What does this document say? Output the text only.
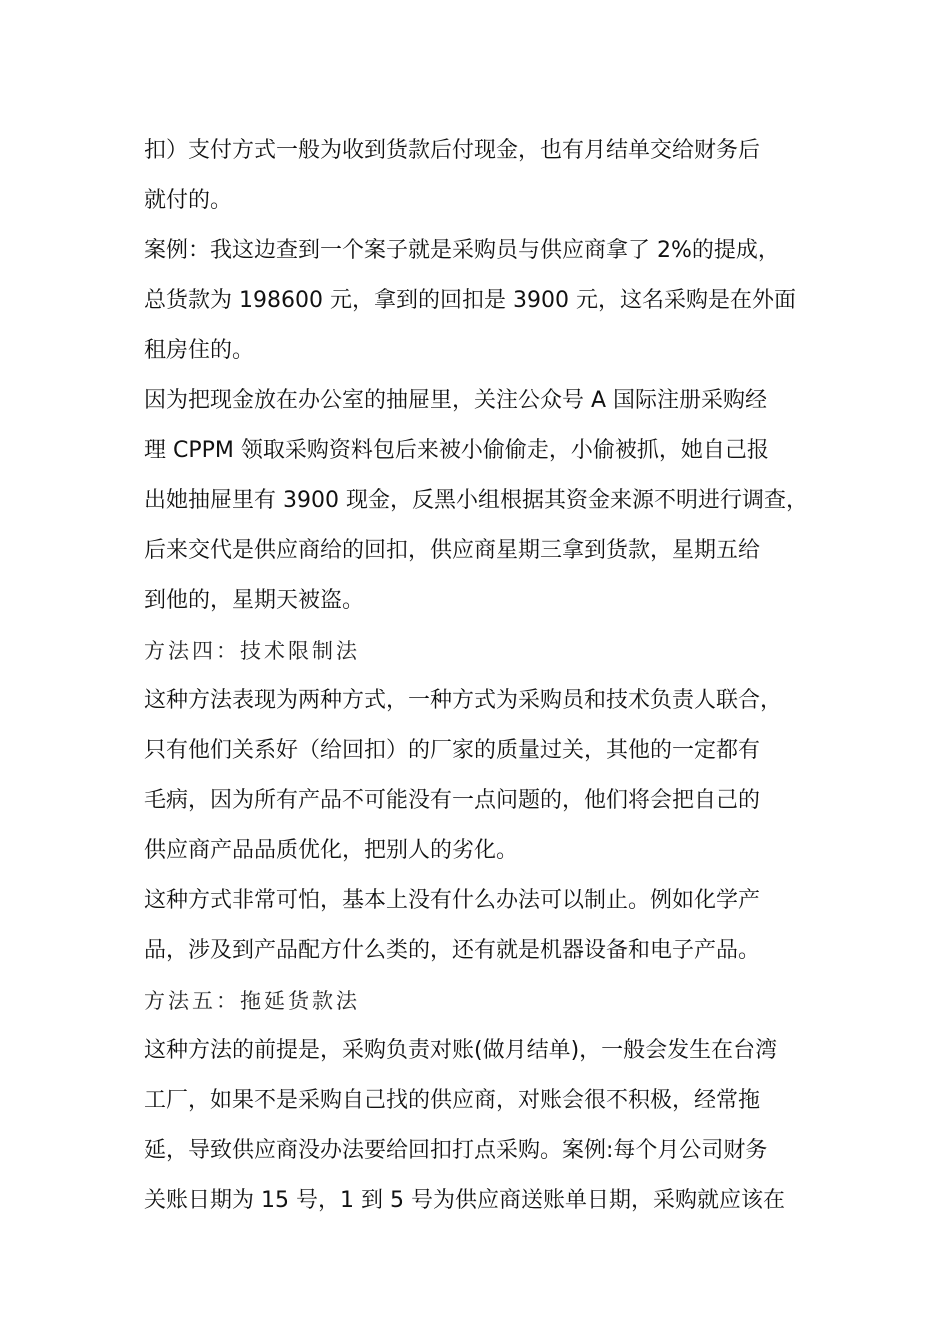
扣）支付方式一般为收到货款后付现金，也有月结单交给财务后
就付的。
案例：我这边查到一个案子就是采购员与供应商拿了 2%的提成，
总货款为 198600 元，拿到的回扣是 3900 元，这名采购是在外面
租房住的。
因为把现金放在办公室的抽屉里，关注公众号 A 国际注册采购经
理 CPPM 领取采购资料包后来被小偷偷走，小偷被抓，她自己报
出她抽屉里有 3900 现金，反黑小组根据其资金来源不明进行调查，
后来交代是供应商给的回扣，供应商星期三拿到货款，星期五给
到他的，星期天被盗。
方法四：技术限制法
这种方法表现为两种方式，一种方式为采购员和技术负责人联合，
只有他们关系好（给回扣）的厂家的质量过关，其他的一定都有
毛病，因为所有产品不可能没有一点问题的，他们将会把自己的
供应商产品品质优化，把别人的劣化。
这种方式非常可怕，基本上没有什么办法可以制止。例如化学产
品，涉及到产品配方什么类的，还有就是机器设备和电子产品。
方法五：拖延货款法
这种方法的前提是，采购负责对账(做月结单)，一般会发生在台湾
工厂，如果不是采购自己找的供应商，对账会很不积极，经常拖
延，导致供应商没办法要给回扣打点采购。案例:每个月公司财务
关账日期为 15 号，1 到 5 号为供应商送账单日期，采购就应该在
